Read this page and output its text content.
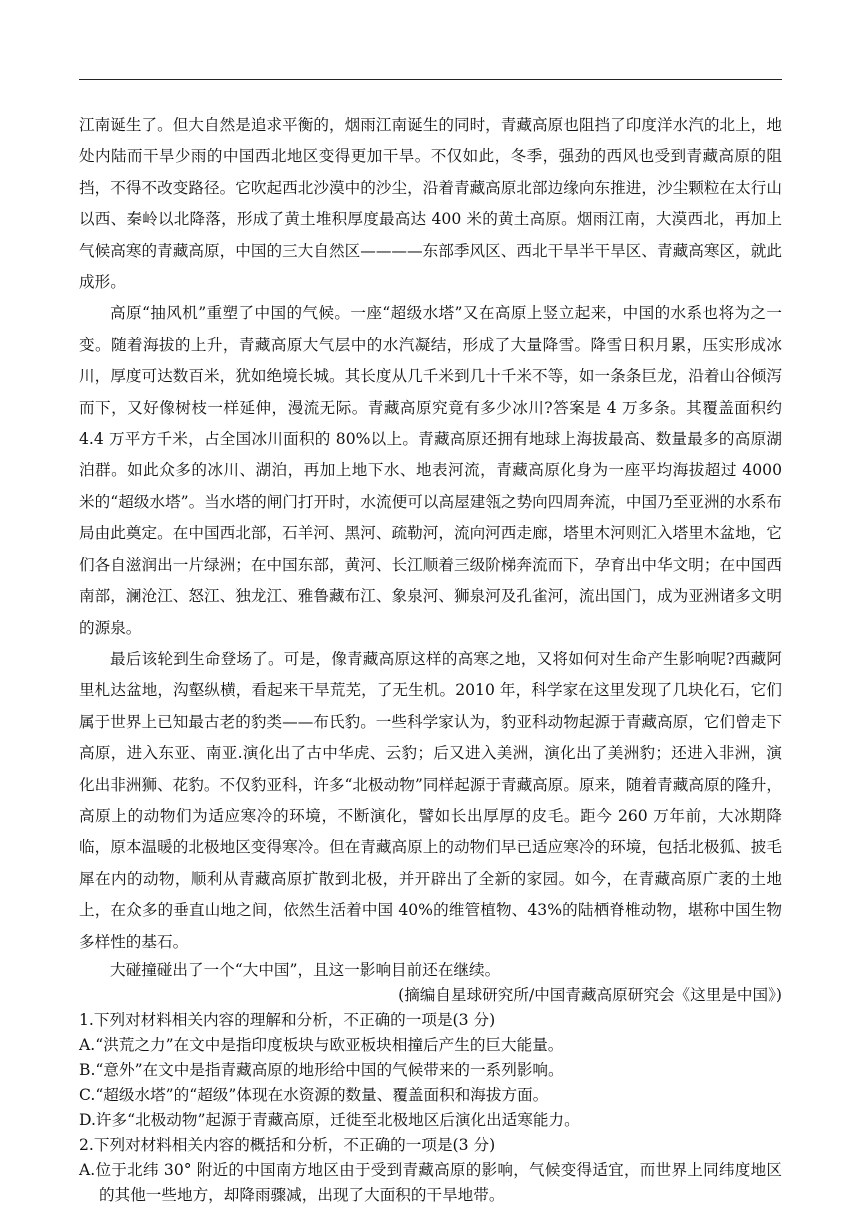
江南诞生了。但大自然是追求平衡的，烟雨江南诞生的同时，青藏高原也阻挡了印度洋水汽的北上，地处内陆而干旱少雨的中国西北地区变得更加干旱。不仅如此，冬季，强劲的西风也受到青藏高原的阻挡，不得不改变路径。它吹起西北沙漠中的沙尘，沿着青藏高原北部边缘向东推进，沙尘颗粒在太行山以西、秦岭以北降落，形成了黄土堆积厚度最高达 400 米的黄土高原。烟雨江南，大漠西北，再加上气候高寒的青藏高原，中国的三大自然区————东部季风区、西北干旱半干旱区、青藏高寒区，就此成形。

高原“抽风机”重塑了中国的气候。一座“超级水塔”又在高原上竖立起来，中国的水系也将为之一变。随着海拔的上升，青藏高原大气层中的水汽凝结，形成了大量降雪。降雪日积月累，压实形成冰川，厚度可达数百米，犹如绝境长城。其长度从几千米到几十千米不等，如一条条巨龙，沿着山谷倾泻而下，又好像树枝一样延伸，漫流无际。青藏高原究竟有多少冰川?答案是 4 万多条。其覆盖面积约 4.4 万平方千米，占全国冰川面积的 80%以上。青藏高原还拥有地球上海拔最高、数量最多的高原湖泊群。如此众多的冰川、湖泊，再加上地下水、地表河流，青藏高原化身为一座平均海拔超过 4000 米的“超级水塔”。当水塔的闸门打开时，水流便可以高屋建瓴之势向四周奔流，中国乃至亚洲的水系布局由此奠定。在中国西北部，石羊河、黑河、疏勒河，流向河西走廊，塔里木河则汇入塔里木盆地，它们各自滋润出一片绿洲；在中国东部，黄河、长江顺着三级阶梯奔流而下，孕育出中华文明；在中国西南部，澜沧江、怒江、独龙江、雅鲁藏布江、象泉河、狮泉河及孔雀河，流出国门，成为亚洲诸多文明的源泉。

最后该轮到生命登场了。可是，像青藏高原这样的高寒之地，又将如何对生命产生影响呢?西藏阿里札达盆地，沟壑纵横，看起来干旱荒芜，了无生机。2010 年，科学家在这里发现了几块化石，它们属于世界上已知最古老的豹类——布氏豹。一些科学家认为，豹亚科动物起源于青藏高原，它们曾走下高原，进入东亚、南亚.演化出了古中华虎、云豹；后又进入美洲，演化出了美洲豹；还进入非洲，演化出非洲狮、花豹。不仅豹亚科，许多“北极动物”同样起源于青藏高原。原来，随着青藏高原的隆升，高原上的动物们为适应寒冷的环境，不断演化，譬如长出厚厚的皮毛。距今 260 万年前，大冰期降临，原本温暖的北极地区变得寒冷。但在青藏高原上的动物们早已适应寒冷的环境，包括北极狐、披毛犀在内的动物，顺利从青藏高原扩散到北极，并开辟出了全新的家园。如今，在青藏高原广袤的土地上，在众多的垂直山地之间，依然生活着中国 40%的维管植物、43%的陆栖脊椎动物，堪称中国生物多样性的基石。

大碰撞碰出了一个“大中国”，且这一影响目前还在继续。

(摘编自星球研究所/中国青藏高原研究会《这里是中国》)

1.下列对材料相关内容的理解和分析，不正确的一项是(3 分)

A.“洪荒之力”在文中是指印度板块与欧亚板块相撞后产生的巨大能量。

B.“意外”在文中是指青藏高原的地形给中国的气候带来的一系列影响。

C.“超级水塔”的“超级”体现在水资源的数量、覆盖面积和海拔方面。

D.许多“北极动物”起源于青藏高原，迁徙至北极地区后演化出适寒能力。

2.下列对材料相关内容的概括和分析，不正确的一项是(3 分)

A.位于北纬 30° 附近的中国南方地区由于受到青藏高原的影响，气候变得适宜，而世界上同纬度地区的其他一些地方，却降雨骤减，出现了大面积的干旱地带。
